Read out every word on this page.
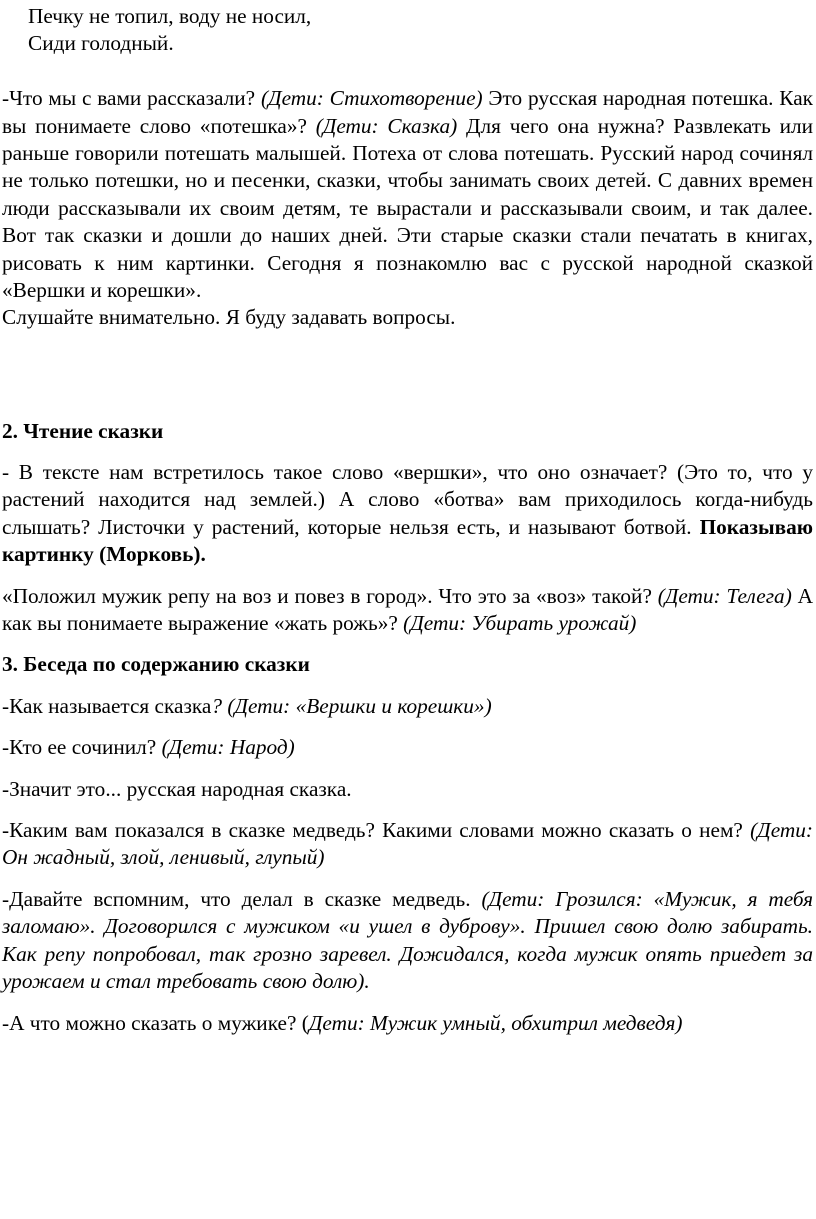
Печку не топил, воду не носил,
Сиди голодный.

-Что мы с вами рассказали? (Дети: Стихотворение) Это русская народная потешка. Как вы понимаете слово «потешка»? (Дети: Сказка) Для чего она нужна? Развлекать или раньше говорили потешать малышей. Потеха от слова потешать. Русский народ сочинял не только потешки, но и песенки, сказки, чтобы занимать своих детей. С давних времен люди рассказывали их своим детям, те вырастали и рассказывали своим, и так далее. Вот так сказки и дошли до наших дней. Эти старые сказки стали печатать в книгах, рисовать к ним картинки. Сегодня я познакомлю вас с русской народной сказкой «Вершки и корешки».

Слушайте внимательно. Я буду задавать вопросы.

2. Чтение сказки

- В тексте нам встретилось такое слово «вершки», что оно означает? (Это то, что у растений находится над землей.) А слово «ботва» вам приходилось когда-нибудь слышать? Листочки у растений, которые нельзя есть, и называют ботвой. Показываю картинку (Морковь).

«Положил мужик репу на воз и повез в город». Что это за «воз» такой? (Дети: Телега) А как вы понимаете выражение «жать рожь»? (Дети: Убирать урожай)

3. Беседа по содержанию сказки

-Как называется сказка? (Дети: «Вершки и корешки»)

-Кто ее сочинил? (Дети: Народ)

-Значит это... русская народная сказка.

-Каким вам показался в сказке медведь? Какими словами можно сказать о нем? (Дети: Он жадный, злой, ленивый, глупый)

-Давайте вспомним, что делал в сказке медведь. (Дети: Грозился: «Мужик, я тебя заломаю». Договорился с мужиком «и ушел в дуброву». Пришел свою долю забирать. Как репу попробовал, так грозно заревел. Дожидался, когда мужик опять приедет за урожаем и стал требовать свою долю).

-А что можно сказать о мужике? (Дети: Мужик умный, обхитрил медведя)
